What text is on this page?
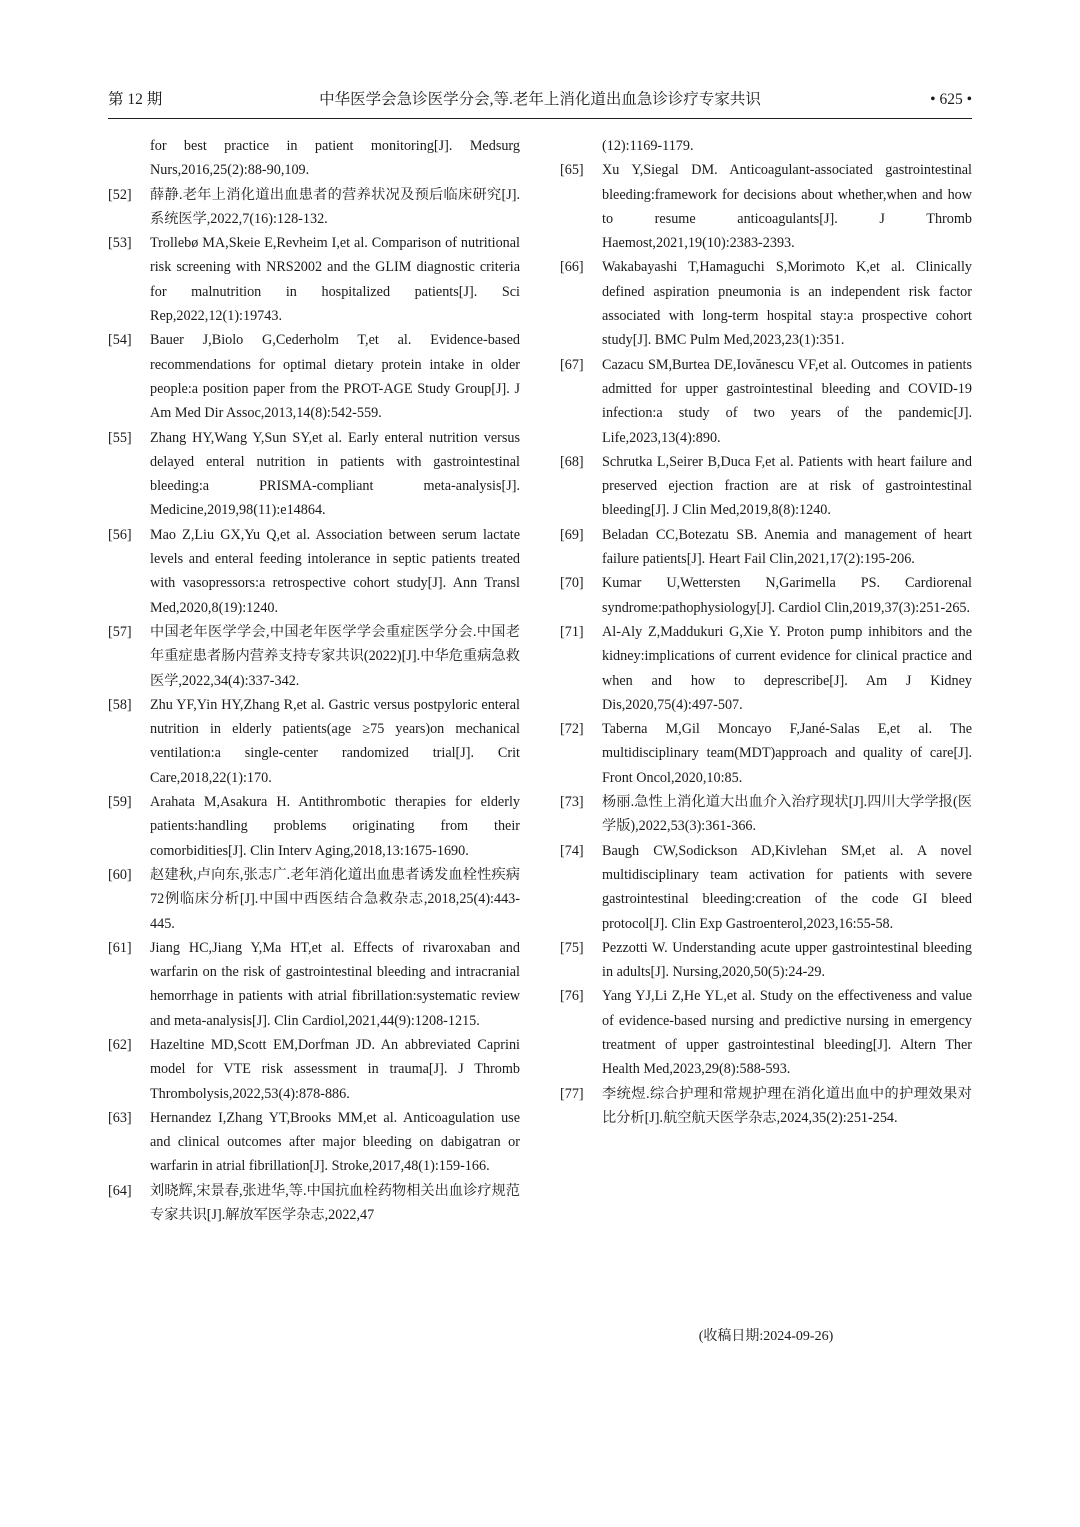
第 12 期	中华医学会急诊医学分会,等.老年上消化道出血急诊诊疗专家共识	• 625 •

for best practice in patient monitoring[J]. Medsurg Nurs,2016,25(2):88-90,109.

[52] 薛静.老年上消化道出血患者的营养状况及预后临床研究[J].系统医学,2022,7(16):128-132.

[53] Trollebø MA,Skeie E,Revheim I,et al. Comparison of nutritional risk screening with NRS2002 and the GLIM diagnostic criteria for malnutrition in hospitalized patients[J]. Sci Rep,2022,12(1):19743.

[54] Bauer J,Biolo G,Cederholm T,et al. Evidence-based recommendations for optimal dietary protein intake in older people:a position paper from the PROT-AGE Study Group[J]. J Am Med Dir Assoc,2013,14(8):542-559.

[55] Zhang HY,Wang Y,Sun SY,et al. Early enteral nutrition versus delayed enteral nutrition in patients with gastrointestinal bleeding:a PRISMA-compliant meta-analysis[J]. Medicine,2019,98(11):e14864.

[56] Mao Z,Liu GX,Yu Q,et al. Association between serum lactate levels and enteral feeding intolerance in septic patients treated with vasopressors:a retrospective cohort study[J]. Ann Transl Med,2020,8(19):1240.

[57] 中国老年医学学会,中国老年医学学会重症医学分会.中国老年重症患者肠内营养支持专家共识(2022)[J].中华危重病急救医学,2022,34(4):337-342.

[58] Zhu YF,Yin HY,Zhang R,et al. Gastric versus postpyloric enteral nutrition in elderly patients(age ≥75 years)on mechanical ventilation:a single-center randomized trial[J]. Crit Care,2018,22(1):170.

[59] Arahata M,Asakura H. Antithrombotic therapies for elderly patients:handling problems originating from their comorbidities[J]. Clin Interv Aging,2018,13:1675-1690.

[60] 赵建秋,卢向东,张志广.老年消化道出血患者诱发血栓性疾病72例临床分析[J].中国中西医结合急救杂志,2018,25(4):443-445.

[61] Jiang HC,Jiang Y,Ma HT,et al. Effects of rivaroxaban and warfarin on the risk of gastrointestinal bleeding and intracranial hemorrhage in patients with atrial fibrillation:systematic review and meta-analysis[J]. Clin Cardiol,2021,44(9):1208-1215.

[62] Hazeltine MD,Scott EM,Dorfman JD. An abbreviated Caprini model for VTE risk assessment in trauma[J]. J Thromb Thrombolysis,2022,53(4):878-886.

[63] Hernandez I,Zhang YT,Brooks MM,et al. Anticoagulation use and clinical outcomes after major bleeding on dabigatran or warfarin in atrial fibrillation[J]. Stroke,2017,48(1):159-166.

[64] 刘晓辉,宋景春,张进华,等.中国抗血栓药物相关出血诊疗规范专家共识[J].解放军医学杂志,2022,47

(12):1169-1179.

[65] Xu Y,Siegal DM. Anticoagulant-associated gastrointestinal bleeding:framework for decisions about whether,when and how to resume anticoagulants[J]. J Thromb Haemost,2021,19(10):2383-2393.

[66] Wakabayashi T,Hamaguchi S,Morimoto K,et al. Clinically defined aspiration pneumonia is an independent risk factor associated with long-term hospital stay:a prospective cohort study[J]. BMC Pulm Med,2023,23(1):351.

[67] Cazacu SM,Burtea DE,Iovănescu VF,et al. Outcomes in patients admitted for upper gastrointestinal bleeding and COVID-19 infection:a study of two years of the pandemic[J]. Life,2023,13(4):890.

[68] Schrutka L,Seirer B,Duca F,et al. Patients with heart failure and preserved ejection fraction are at risk of gastrointestinal bleeding[J]. J Clin Med,2019,8(8):1240.

[69] Beladan CC,Botezatu SB. Anemia and management of heart failure patients[J]. Heart Fail Clin,2021,17(2):195-206.

[70] Kumar U,Wettersten N,Garimella PS. Cardiorenal syndrome:pathophysiology[J]. Cardiol Clin,2019,37(3):251-265.

[71] Al-Aly Z,Maddukuri G,Xie Y. Proton pump inhibitors and the kidney:implications of current evidence for clinical practice and when and how to deprescribe[J]. Am J Kidney Dis,2020,75(4):497-507.

[72] Taberna M,Gil Moncayo F,Jané-Salas E,et al. The multidisciplinary team(MDT)approach and quality of care[J]. Front Oncol,2020,10:85.

[73] 杨丽.急性上消化道大出血介入治疗现状[J].四川大学学报(医学版),2022,53(3):361-366.

[74] Baugh CW,Sodickson AD,Kivlehan SM,et al. A novel multidisciplinary team activation for patients with severe gastrointestinal bleeding:creation of the code GI bleed protocol[J]. Clin Exp Gastroenterol,2023,16:55-58.

[75] Pezzotti W. Understanding acute upper gastrointestinal bleeding in adults[J]. Nursing,2020,50(5):24-29.

[76] Yang YJ,Li Z,He YL,et al. Study on the effectiveness and value of evidence-based nursing and predictive nursing in emergency treatment of upper gastrointestinal bleeding[J]. Altern Ther Health Med,2023,29(8):588-593.

[77] 李统煜.综合护理和常规护理在消化道出血中的护理效果对比分析[J].航空航天医学杂志,2024,35(2):251-254.

(收稿日期:2024-09-26)
